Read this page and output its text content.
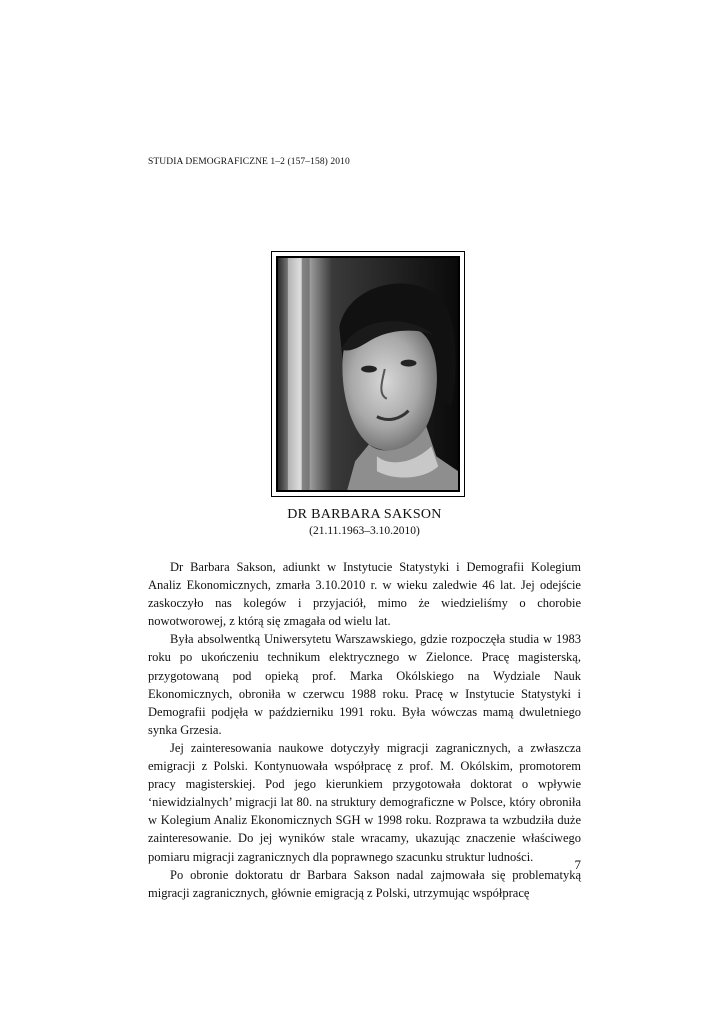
STUDIA DEMOGRAFICZNE 1–2 (157–158) 2010
DR BARBARA SAKSON
(21.11.1963–3.10.2010)

Dr Barbara Sakson, adiunkt w Instytucie Statystyki i Demografii Kolegium Analiz Ekonomicznych, zmarła 3.10.2010 r. w wieku zaledwie 46 lat. Jej odejście zaskoczyło nas kolegów i przyjaciół, mimo że wiedzieliśmy o chorobie nowotworowej, z którą się zmagała od wielu lat.

Była absolwentką Uniwersytetu Warszawskiego, gdzie rozpoczęła studia w 1983 roku po ukończeniu technikum elektrycznego w Zielonce. Pracę magisterską, przygotowaną pod opieką prof. Marka Okólskiego na Wydziale Nauk Ekonomicznych, obroniła w czerwcu 1988 roku. Pracę w Instytucie Statystyki i Demografii podjęła w październiku 1991 roku. Była wówczas mamą dwuletniego synka Grzesia.

Jej zainteresowania naukowe dotyczyły migracji zagranicznych, a zwłaszcza emigracji z Polski. Kontynuowała współpracę z prof. M. Okólskim, promotorem pracy magisterskiej. Pod jego kierunkiem przygotowała doktorat o wpływie ‘niewidzialnych’ migracji lat 80. na struktury demograficzne w Polsce, który obroniła w Kolegium Analiz Ekonomicznych SGH w 1998 roku. Rozprawa ta wzbudziła duże zainteresowanie. Do jej wyników stale wracamy, ukazując znaczenie właściwego pomiaru migracji zagranicznych dla poprawnego szacunku struktur ludności.

Po obronie doktoratu dr Barbara Sakson nadal zajmowała się problematyką migracji zagranicznych, głównie emigracją z Polski, utrzymując współpracę

7
